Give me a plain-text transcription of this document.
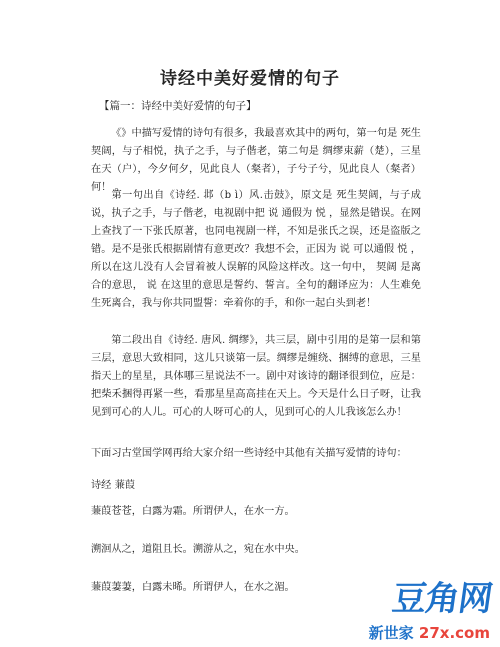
诗经中美好爱情的句子
【篇一：诗经中美好爱情的句子】
《》中描写爱情的诗句有很多，我最喜欢其中的两句，第一句是 死生契阔，与子相悦，执子之手，与子偕老，第二句是 绸缪束薪（楚），三星在天（户），今夕何夕，见此良人（粲者），子兮子兮，见此良人（粲者）何！ 。
第一句出自《诗经. 邶（b ì）风.击鼓》，原文是 死生契阔，与子成说，执子之手，与子偕老，电视剧中把 说 通假为 悦 ，显然是错误。在网上查找了一下张氏原著，也同电视剧一样，不知是张氏之误，还是盗版之错。是不是张氏根据剧情有意更改？我想不会，正因为 说 可以通假 悦 ，所以在这儿没有人会冒着被人误解的风险这样改。这一句中， 契阔 是离合的意思， 说 在这里的意思是誓约、誓言。全句的翻译应为：人生难免生死离合，我与你共同盟誓：牵着你的手，和你一起白头到老！
第二段出自《诗经. 唐风. 绸缪》，共三层，剧中引用的是第一层和第三层，意思大致相同，这儿只谈第一层。绸缪是缠绕、捆缚的意思，三星指天上的星星，具体哪三星说法不一。剧中对该诗的翻译很到位，应是：把柴禾捆得再紧一些，看那星星高高挂在天上。今天是什么日子呀，让我见到可心的人儿。可心的人呀可心的人，见到可心的人儿我该怎么办！
下面习古堂国学网再给大家介绍一些诗经中其他有关描写爱情的诗句：
诗经 蒹葭
蒹葭苍苍，白露为霜。所谓伊人，在水一方。
溯洄从之，道阻且长。溯游从之，宛在水中央。
蒹葭萋萋，白露未晞。所谓伊人，在水之湄。	豆角网
新世家 27x.com
